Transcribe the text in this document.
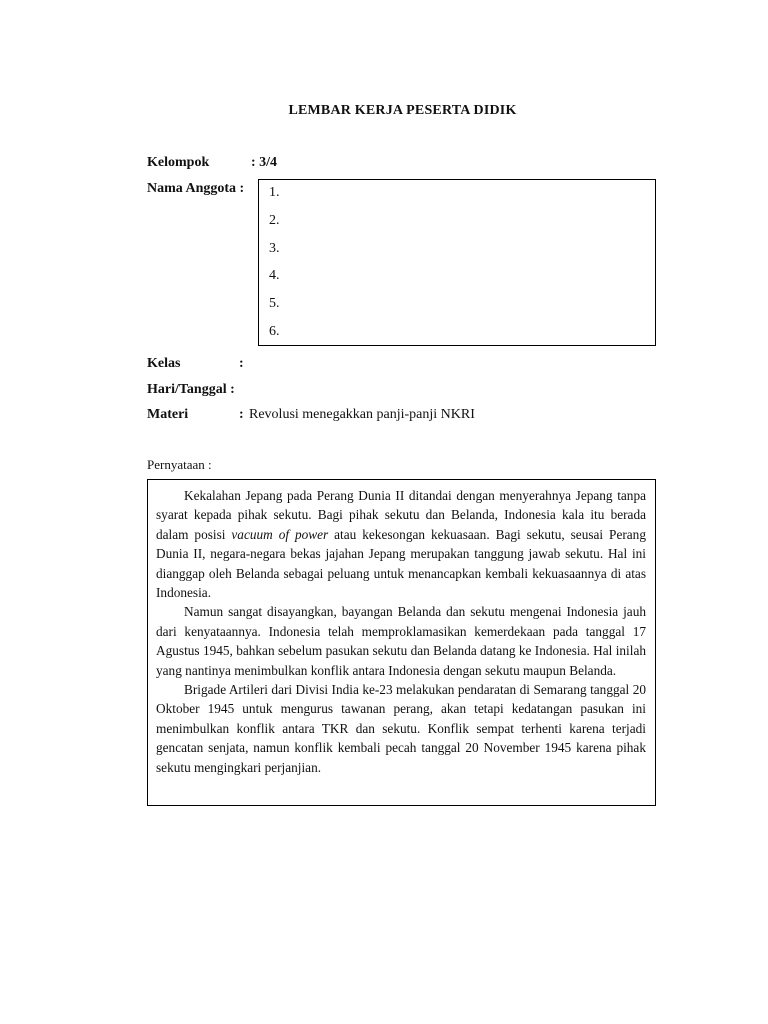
LEMBAR KERJA PESERTA DIDIK
Kelompok	: 3/4
Nama Anggota : 1.
2.
3.
4.
5.
6.
Kelas	:
Hari/Tanggal :
Materi	: Revolusi menegakkan panji-panji NKRI
Pernyataan :

Kekalahan Jepang pada Perang Dunia II ditandai dengan menyerahnya Jepang tanpa syarat kepada pihak sekutu. Bagi pihak sekutu dan Belanda, Indonesia kala itu berada dalam posisi vacuum of power atau kekesongan kekuasaan. Bagi sekutu, seusai Perang Dunia II, negara-negara bekas jajahan Jepang merupakan tanggung jawab sekutu. Hal ini dianggap oleh Belanda sebagai peluang untuk menancapkan kembali kekuasaannya di atas Indonesia.

Namun sangat disayangkan, bayangan Belanda dan sekutu mengenai Indonesia jauh dari kenyataannya. Indonesia telah memproklamasikan kemerdekaan pada tanggal 17 Agustus 1945, bahkan sebelum pasukan sekutu dan Belanda datang ke Indonesia. Hal inilah yang nantinya menimbulkan konflik antara Indonesia dengan sekutu maupun Belanda.

Brigade Artileri dari Divisi India ke-23 melakukan pendaratan di Semarang tanggal 20 Oktober 1945 untuk mengurus tawanan perang, akan tetapi kedatangan pasukan ini menimbulkan konflik antara TKR dan sekutu. Konflik sempat terhenti karena terjadi gencatan senjata, namun konflik kembali pecah tanggal 20 November 1945 karena pihak sekutu mengingkari perjanjian.
